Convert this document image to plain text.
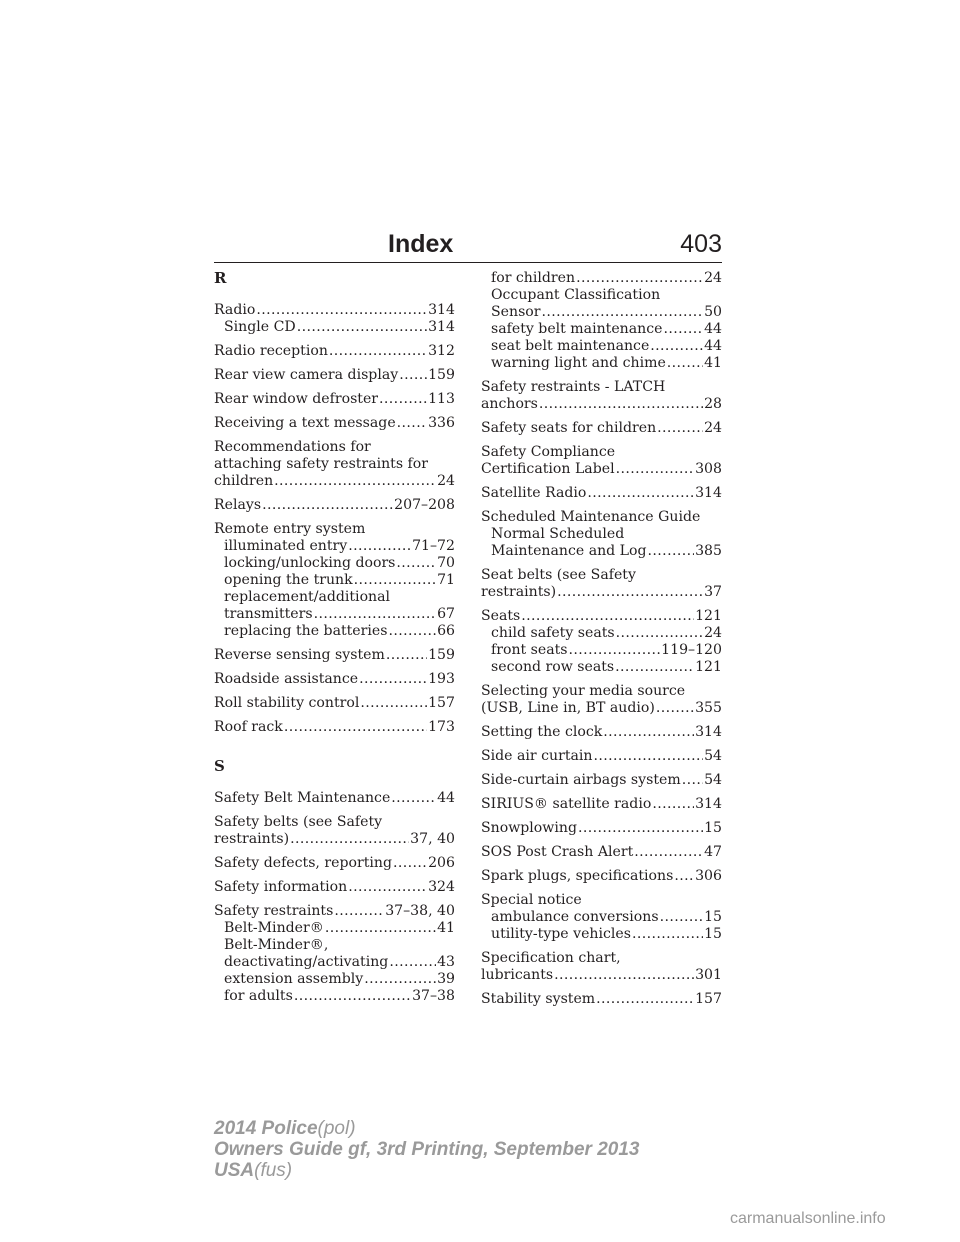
Index	403
R
Radio .....	314
Single CD .....	314
Radio reception .....	312
Rear view camera display ..... 159
Rear window defroster .....	113
Receiving a text message ..... 336
Recommendations for
attaching safety restraints for
children .....	24
Relays .....	207–208
Remote entry system
illuminated entry .....	71–72
locking/unlocking doors .....	70
opening the trunk .....	71
replacement/additional
transmitters .....	67
replacing the batteries .....	66
Reverse sensing system .....	159
Roadside assistance .....	193
Roll stability control .....	157
Roof rack .....	173
S
Safety Belt Maintenance .....	44
Safety belts (see Safety
restraints) .....	37, 40
Safety defects, reporting .....	206
Safety information .....	324
Safety restraints .....	37–38, 40
Belt-Minder® .....	41
Belt-Minder®,
deactivating/activating .....	43
extension assembly .....	39
for adults .....	37–38
for children .....	24
Occupant Classification
Sensor .....	50
safety belt maintenance .....	44
seat belt maintenance .....	44
warning light and chime .....	41
Safety restraints - LATCH
anchors .....	28
Safety seats for children .....	24
Safety Compliance
Certification Label .....	308
Satellite Radio .....	314
Scheduled Maintenance Guide
Normal Scheduled
Maintenance and Log .....	385
Seat belts (see Safety
restraints) .....	37
Seats .....	121
child safety seats .....	24
front seats .....	119–120
second row seats .....	121
Selecting your media source
(USB, Line in, BT audio) .....	355
Setting the clock .....	314
Side air curtain .....	54
Side-curtain airbags system ..... 54
SIRIUS® satellite radio .....	314
Snowplowing .....	15
SOS Post Crash Alert .....	47
Spark plugs, specifications ..... 306
Special notice
ambulance conversions .....	15
utility-type vehicles .....	15
Specification chart,
lubricants .....	301
Stability system .....	157
2014 Police(pol)
Owners Guide gf, 3rd Printing, September 2013
USA(fus)
carmanualsonline.info
